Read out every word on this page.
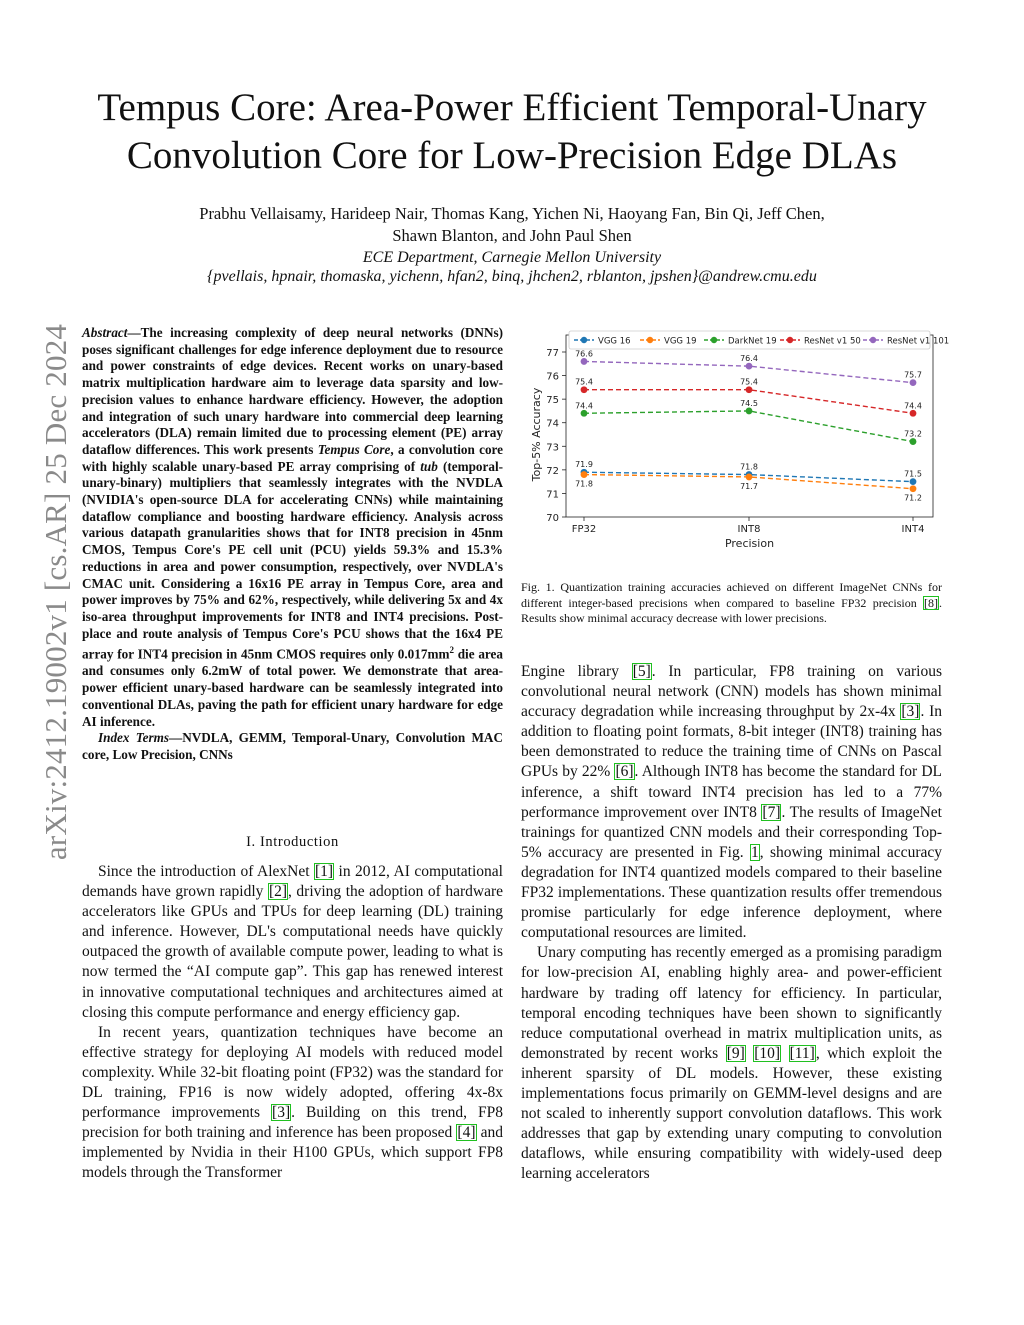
Tempus Core: Area-Power Efficient Temporal-Unary Convolution Core for Low-Precision Edge DLAs
Prabhu Vellaisamy, Harideep Nair, Thomas Kang, Yichen Ni, Haoyang Fan, Bin Qi, Jeff Chen,
Shawn Blanton, and John Paul Shen
ECE Department, Carnegie Mellon University
{pvellais, hpnair, thomaska, yichenn, hfan2, binq, jhchen2, rblanton, jpshen}@andrew.cmu.edu
arXiv:2412.19002v1 [cs.AR] 25 Dec 2024 Abstract—The increasing complexity of deep neural networks (DNNs) poses significant challenges for edge inference deployment due to resource and power constraints of edge devices. Recent works on unary-based matrix multiplication hardware aim to leverage data sparsity and low-precision values to enhance hardware efficiency. However, the adoption and integration of such unary hardware into commercial deep learning accelerators (DLA) remain limited due to processing element (PE) array dataflow differences. This work presents Tempus Core, a convolution core with highly scalable unary-based PE array comprising of tub (temporal-unary-binary) multipliers that seamlessly integrates with the NVDLA (NVIDIA's open-source DLA for accelerating CNNs) while maintaining dataflow compliance and boosting hardware efficiency. Analysis across various datapath granularities shows that for INT8 precision in 45nm CMOS, Tempus Core's PE cell unit (PCU) yields 59.3% and 15.3% reductions in area and power consumption, respectively, over NVDLA's CMAC unit. Considering a 16x16 PE array in Tempus Core, area and power improves by 75% and 62%, respectively, while delivering 5x and 4x iso-area throughput improvements for INT8 and INT4 precisions. Post-place and route analysis of Tempus Core's PCU shows that the 16x4 PE array for INT4 precision in 45nm CMOS requires only $0.017mm^2$ die area and consumes only 6.2mW of total power. We demonstrate that area-power efficient unary-based hardware can be seamlessly integrated into conventional DLAs, paving the path for efficient unary hardware for edge AI inference.
Index Terms—NVDLA, GEMM, Temporal-Unary, Convolution MAC core, Low Precision, CNNs

I. Introduction

Since the introduction of AlexNet [1] in 2012, AI computational demands have grown rapidly [2], driving the adoption of hardware accelerators like GPUs and TPUs for deep learning (DL) training and inference. However, DL's computational needs have quickly outpaced the growth of available compute power, leading to what is now termed the “AI compute gap”. This gap has renewed interest in innovative computational techniques and architectures aimed at closing this compute performance and energy efficiency gap.

In recent years, quantization techniques have become an effective strategy for deploying AI models with reduced model complexity. While 32-bit floating point (FP32) was the standard for DL training, FP16 is now widely adopted, offering 4x-8x performance improvements [3]. Building on this trend, FP8 precision for both training and inference has been proposed [4] and implemented by Nvidia in their H100 GPUs, which support FP8 models through the Transformer

70
71
72
73
74
75
76
77
FP32	INT8	INT4
Precision
Top-5% Accuracy
VGG 16	VGG 19	DarkNet 19	ResNet v1 50	ResNet v1 101
71.9	71.8
71.5
71.8	71.7
71.2
74.4	74.5
73.2
75.4	75.4
74.4
76.6
76.4
75.7

Fig. 1. Quantization training accuracies achieved on different ImageNet CNNs for different integer-based precisions when compared to baseline FP32 precision [8]. Results show minimal accuracy decrease with lower precisions.

Engine library [5]. In particular, FP8 training on various convolutional neural network (CNN) models has shown minimal accuracy degradation while increasing throughput by 2x-4x [3]. In addition to floating point formats, 8-bit integer (INT8) training has been demonstrated to reduce the training time of CNNs on Pascal GPUs by 22% [6]. Although INT8 has become the standard for DL inference, a shift toward INT4 precision has led to a 77% performance improvement over INT8 [7]. The results of ImageNet trainings for quantized CNN models and their corresponding Top-5% accuracy are presented in Fig. 1, showing minimal accuracy degradation for INT4 quantized models compared to their baseline FP32 implementations. These quantization results offer tremendous promise particularly for edge inference deployment, where computational resources are limited.

Unary computing has recently emerged as a promising paradigm for low-precision AI, enabling highly area- and power-efficient hardware by trading off latency for efficiency. In particular, temporal encoding techniques have been shown to significantly reduce computational overhead in matrix multiplication units, as demonstrated by recent works [9] [10] [11], which exploit the inherent sparsity of DL models. However, these existing implementations focus primarily on GEMM-level designs and are not scaled to inherently support convolution dataflows. This work addresses that gap by extending unary computing to convolution dataflows, while ensuring compatibility with widely-used deep learning accelerators
